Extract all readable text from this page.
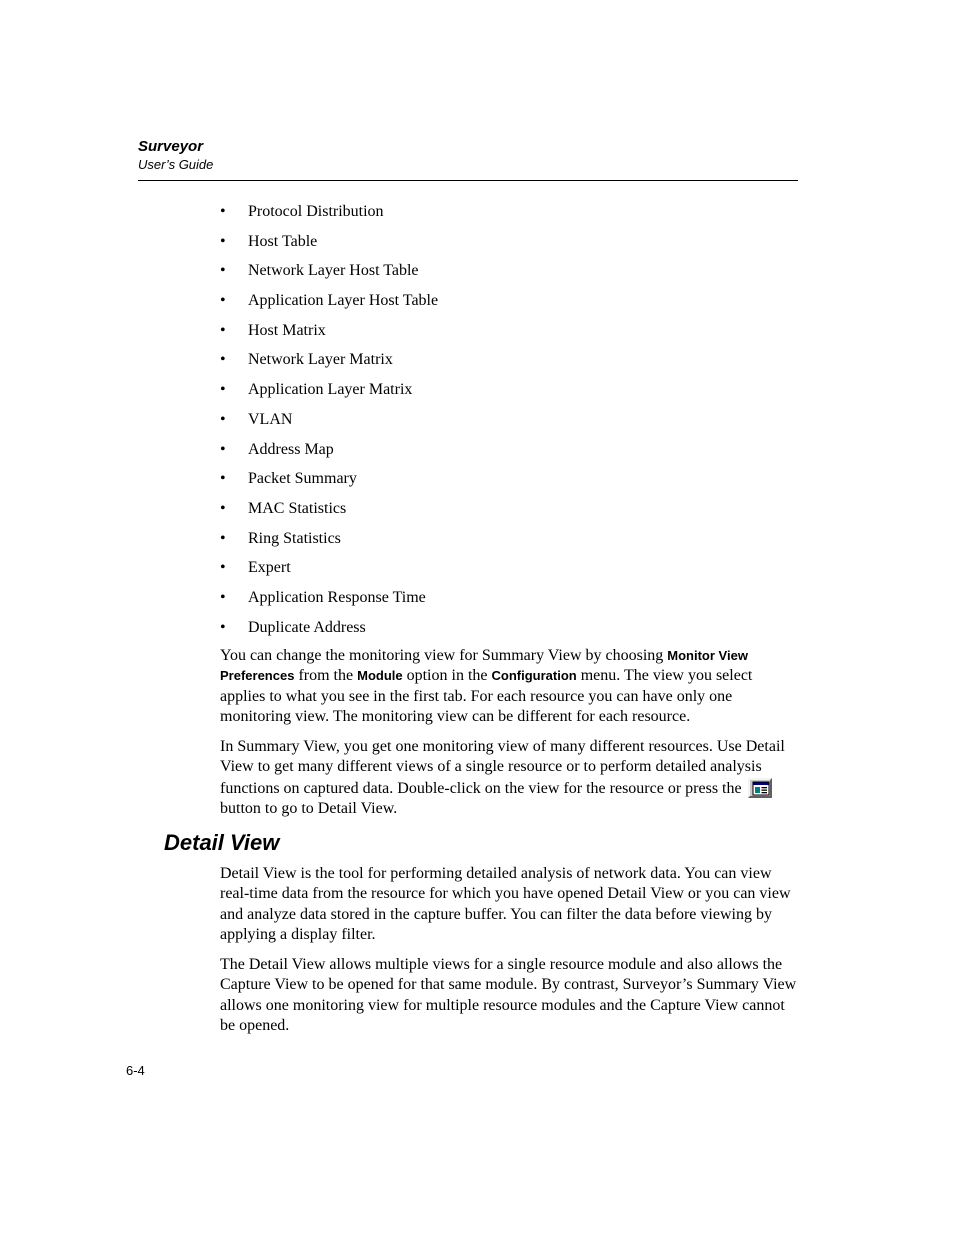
Surveyor
User’s Guide
• Protocol Distribution
• Host Table
• Network Layer Host Table
• Application Layer Host Table
• Host Matrix
• Network Layer Matrix
• Application Layer Matrix
• VLAN
• Address Map
• Packet Summary
• MAC Statistics
• Ring Statistics
• Expert
• Application Response Time
• Duplicate Address

You can change the monitoring view for Summary View by choosing Monitor View Preferences from the Module option in the Configuration menu. The view you select applies to what you see in the first tab. For each resource you can have only one monitoring view. The monitoring view can be different for each resource.

In Summary View, you get one monitoring view of many different resources. Use Detail View to get many different views of a single resource or to perform detailed analysis functions on captured data. Double-click on the view for the resource or press the
button to go to Detail View.

Detail View

Detail View is the tool for performing detailed analysis of network data. You can view real-time data from the resource for which you have opened Detail View or you can view and analyze data stored in the capture buffer. You can filter the data before viewing by applying a display filter.

The Detail View allows multiple views for a single resource module and also allows the Capture View to be opened for that same module. By contrast, Surveyor’s Summary View allows one monitoring view for multiple resource modules and the Capture View cannot be opened.

6-4
